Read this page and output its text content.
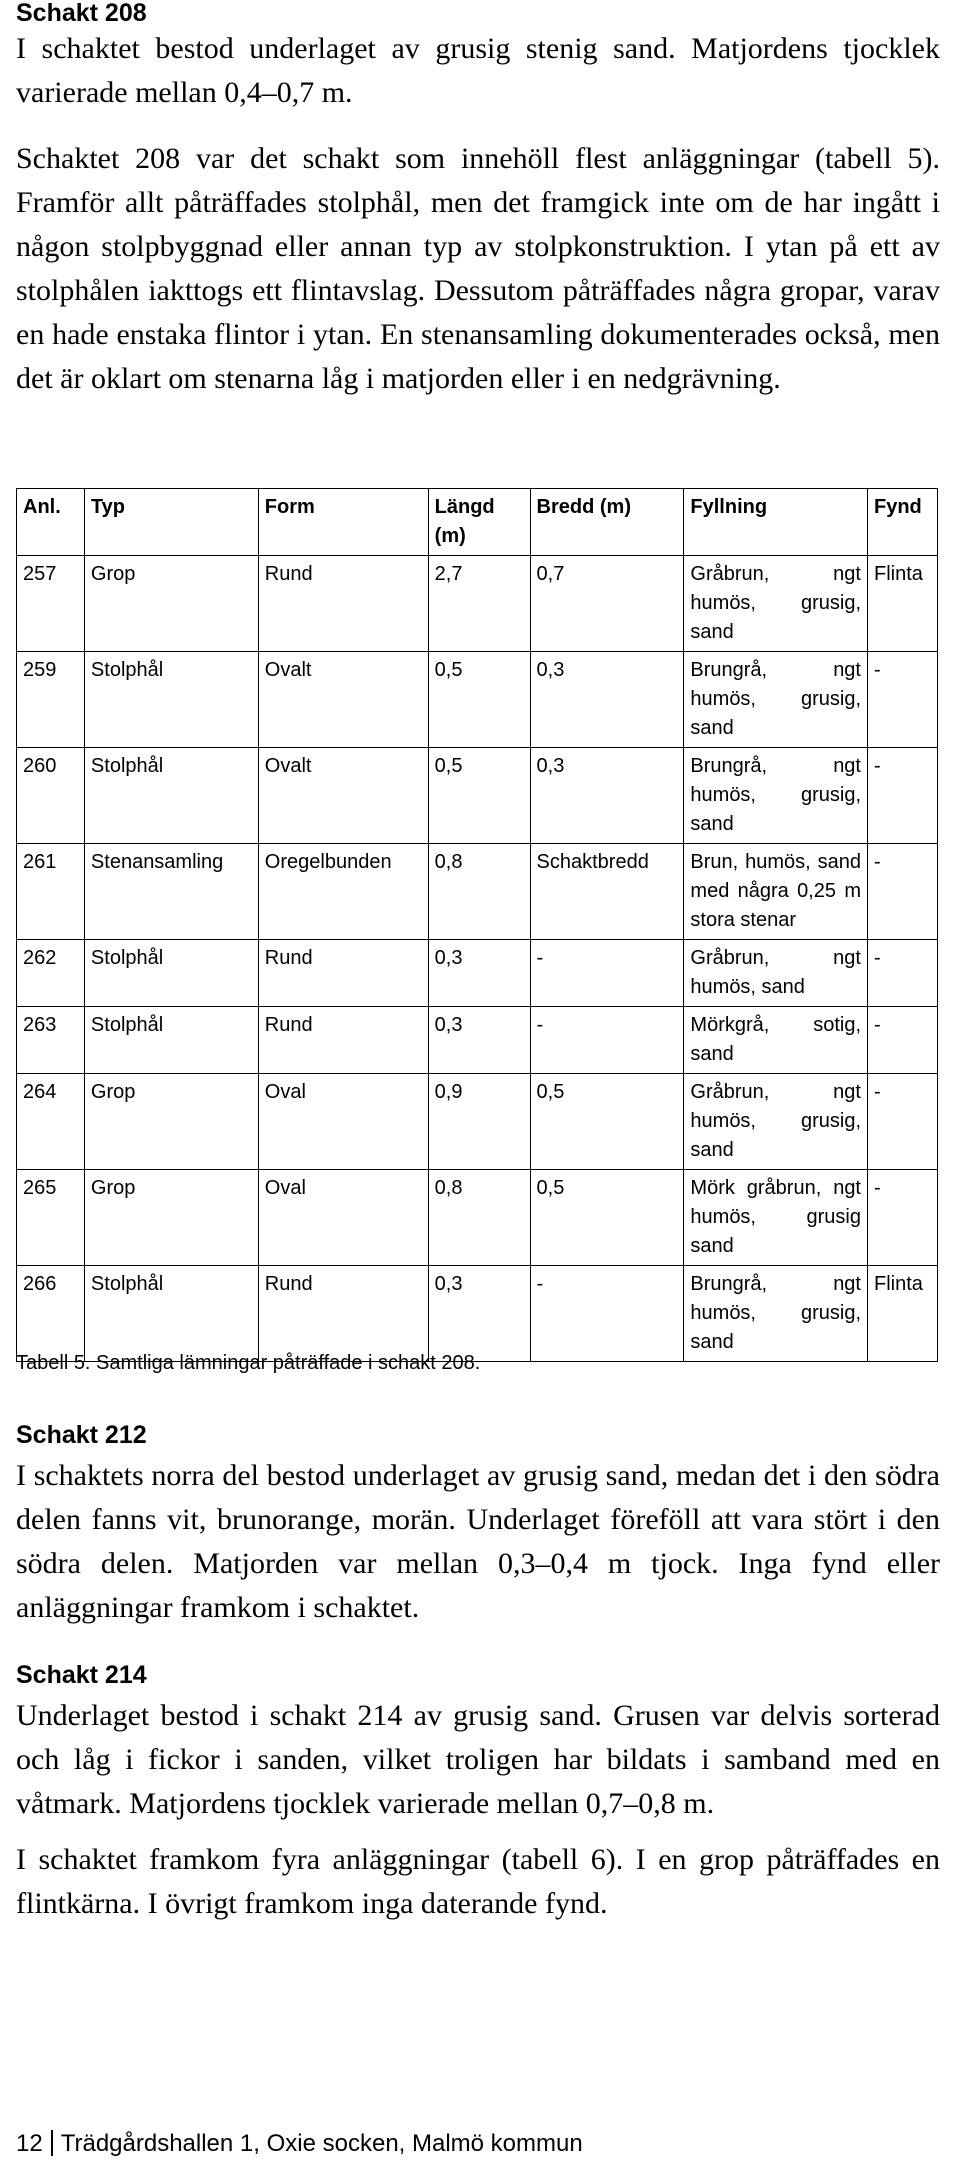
Schakt 208

I schaktet bestod underlaget av grusig stenig sand. Matjordens tjocklek varierade mellan 0,4–0,7 m.

Schaktet 208 var det schakt som innehöll flest anläggningar (tabell 5). Framför allt påträffades stolphål, men det framgick inte om de har ingått i någon stolpbyggnad eller annan typ av stolpkonstruktion. I ytan på ett av stolphålen iakttogs ett flintavslag. Dessutom påträffades några gropar, varav en hade enstaka flintor i ytan. En stenansamling dokumenterades också, men det är oklart om stenarna låg i matjorden eller i en nedgrävning.

Anl.	Typ	Form	Längd (m)	Bredd (m)	Fyllning	Fynd
257	Grop	Rund	2,7	0,7	Gråbrun, ngt humös, grusig, sand	Flinta
259	Stolphål	Ovalt	0,5	0,3	Brungrå, ngt humös, grusig, sand	-
260	Stolphål	Ovalt	0,5	0,3	Brungrå, ngt humös, grusig, sand	-
261	Stenansamling	Oregelbunden	0,8	Schaktbredd	Brun, humös, sand med några 0,25 m stora stenar	-
262	Stolphål	Rund	0,3	-	Gråbrun, ngt humös, sand	-
263	Stolphål	Rund	0,3	-	Mörkgrå, sotig, sand	-
264	Grop	Oval	0,9	0,5	Gråbrun, ngt humös, grusig, sand	-
265	Grop	Oval	0,8	0,5	Mörk gråbrun, ngt humös, grusig sand	-
266	Stolphål	Rund	0,3	-	Brungrå, ngt humös, grusig, sand	Flinta
Tabell 5. Samtliga lämningar påträffade i schakt 208.
Schakt 212

I schaktets norra del bestod underlaget av grusig sand, medan det i den södra delen fanns vit, brunorange, morän. Underlaget föreföll att vara stört i den södra delen. Matjorden var mellan 0,3–0,4 m tjock. Inga fynd eller anläggningar framkom i schaktet.

Schakt 214

Underlaget bestod i schakt 214 av grusig sand. Grusen var delvis sorterad och låg i fickor i sanden, vilket troligen har bildats i samband med en våtmark. Matjordens tjocklek varierade mellan 0,7–0,8 m.

I schaktet framkom fyra anläggningar (tabell 6). I en grop påträffades en flintkärna. I övrigt framkom inga daterande fynd.

12 Trädgårdshallen 1, Oxie socken, Malmö kommun
